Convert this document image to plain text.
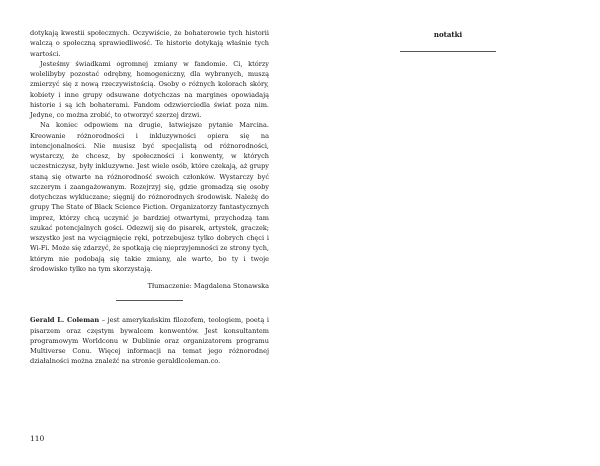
dotykają kwestii społecznych. Oczywiście, że bohaterowie tych historii walczą o społeczną sprawiedliwość. Te historie dotykają właśnie tych wartości.

Jesteśmy świadkami ogromnej zmiany w fandomie. Ci, którzy wolelibyby pozostać odrębny, homogeniczny, dla wybranych, muszą zmierzyć się z nową rzeczywistością. Osoby o różnych kolorach skóry, kobiety i inne grupy odsuwane dotychczas na margines opowiadają historie i są ich bohaterami. Fandom odzwierciedla świat poza nim. Jedyne, co można zrobić, to otworzyć szerzej drzwi.

Na koniec odpowiem na drugie, łatwiejsze pytanie Marcina. Kreowanie różnorodności i inkluzywności opiera się na intencjonalności. Nie musisz być specjalistą od różnorodności, wystarczy, że chcesz, by społeczności i konwenty, w których uczestniczysz, były inkluzywne. Jest wiele osób, które czekają, aż grupy staną się otwarte na różnorodność swoich członków. Wystarczy być szczerym i zaangażowanym. Rozejrzyj się, gdzie gromadzą się osoby dotychczas wykluczane; sięgnij do różnorodnych środowisk. Należę do grupy The State of Black Science Fiction. Organizatorzy fantastycznych imprez, którzy chcą uczynić je bardziej otwartymi, przychodzą tam szukać potencjalnych gości. Odezwij się do pisarek, artystek, graczek; wszystko jest na wyciągnięcie ręki, potrzebujesz tylko dobrych chęci i Wi-Fi. Może się zdarzyć, że spotkają cię nieprzyjemności ze strony tych, którym nie podobają się takie zmiany, ale warto, bo ty i twoje środowisko tylko na tym skorzystają.

Tłumaczenie: Magdalena Stonawska

Gerald L. Coleman – jest amerykańskim filozofem, teologiem, poetą i pisarzem oraz częstym bywalcem konwentów. Jest konsultantem programowym Worldconu w Dublinie oraz organizatorem programu Multiverse Conu. Więcej informacji na temat jego różnorodnej działalności można znaleźć na stronie geraldlcoleman.co.

110

notatki
